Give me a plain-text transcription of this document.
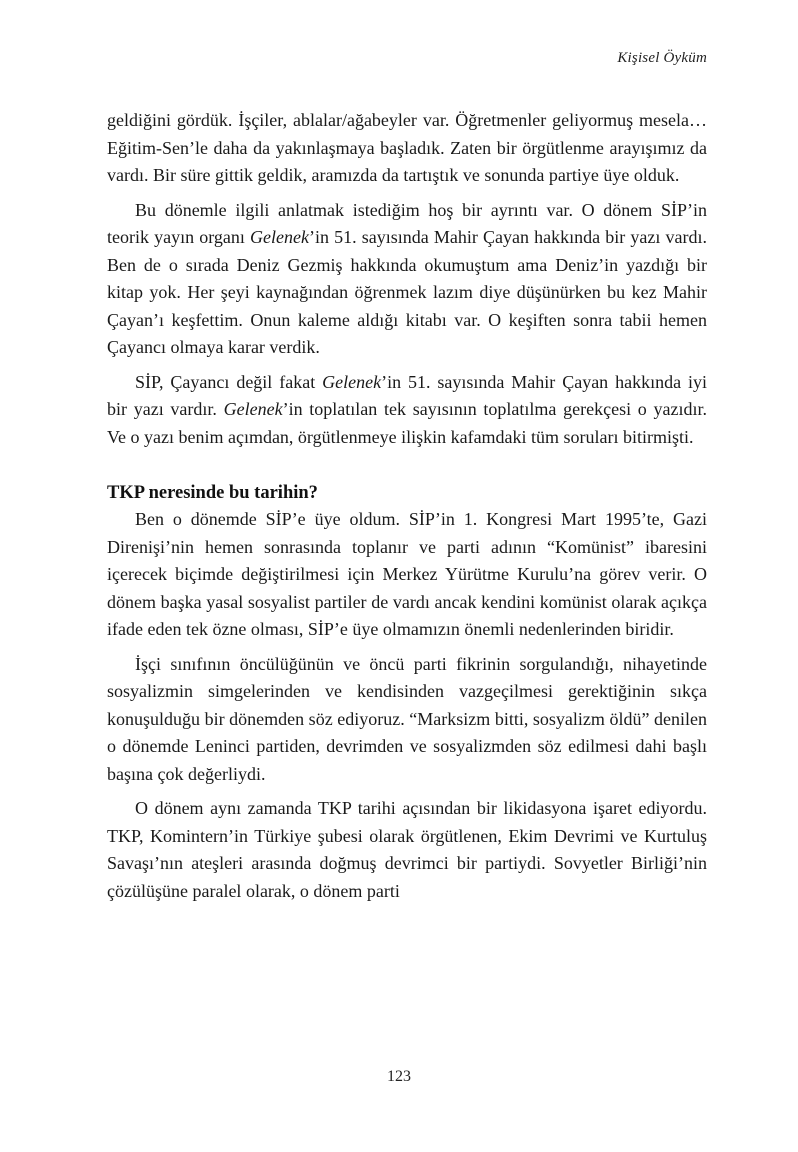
Kişisel Öyküm

geldiğini gördük. İşçiler, ablalar/ağabeyler var. Öğretmenler geliyormuş mesela… Eğitim-Sen’le daha da yakınlaşmaya başladık. Zaten bir örgütlenme arayışımız da vardı. Bir süre gittik geldik, aramızda da tartıştık ve sonunda partiye üye olduk.

Bu dönemle ilgili anlatmak istediğim hoş bir ayrıntı var. O dönem SİP’in teorik yayın organı Gelenek’in 51. sayısında Mahir Çayan hakkında bir yazı vardı. Ben de o sırada Deniz Gezmiş hakkında okumuştum ama Deniz’in yazdığı bir kitap yok. Her şeyi kaynağından öğrenmek lazım diye düşünürken bu kez Mahir Çayan’ı keşfettim. Onun kaleme aldığı kitabı var. O keşiften sonra tabii hemen Çayancı olmaya karar verdik.

SİP, Çayancı değil fakat Gelenek’in 51. sayısında Mahir Çayan hakkında iyi bir yazı vardır. Gelenek’in toplatılan tek sayısının toplatılma gerekçesi o yazıdır. Ve o yazı benim açımdan, örgütlenmeye ilişkin kafamdaki tüm soruları bitirmişti.

TKP neresinde bu tarihin?

Ben o dönemde SİP’e üye oldum. SİP’in 1. Kongresi Mart 1995’te, Gazi Direnişi’nin hemen sonrasında toplanır ve parti adının “Komünist” ibaresini içerecek biçimde değiştirilmesi için Merkez Yürütme Kurulu’na görev verir. O dönem başka yasal sosyalist partiler de vardı ancak kendini komünist olarak açıkça ifade eden tek özne olması, SİP’e üye olmamızın önemli nedenlerinden biridir.

İşçi sınıfının öncülüğünün ve öncü parti fikrinin sorgulandığı, nihayetinde sosyalizmin simgelerinden ve kendisinden vazgeçilmesi gerektiğinin sıkça konuşulduğu bir dönemden söz ediyoruz. “Marksizm bitti, sosyalizm öldü” denilen o dönemde Leninci partiden, devrimden ve sosyalizmden söz edilmesi dahi başlı başına çok değerliydi.

O dönem aynı zamanda TKP tarihi açısından bir likidasyona işaret ediyordu. TKP, Komintern’in Türkiye şubesi olarak örgütlenen, Ekim Devrimi ve Kurtuluş Savaşı’nın ateşleri arasında doğmuş devrimci bir partiydi. Sovyetler Birliği’nin çözülüşüne paralel olarak, o dönem parti

123
